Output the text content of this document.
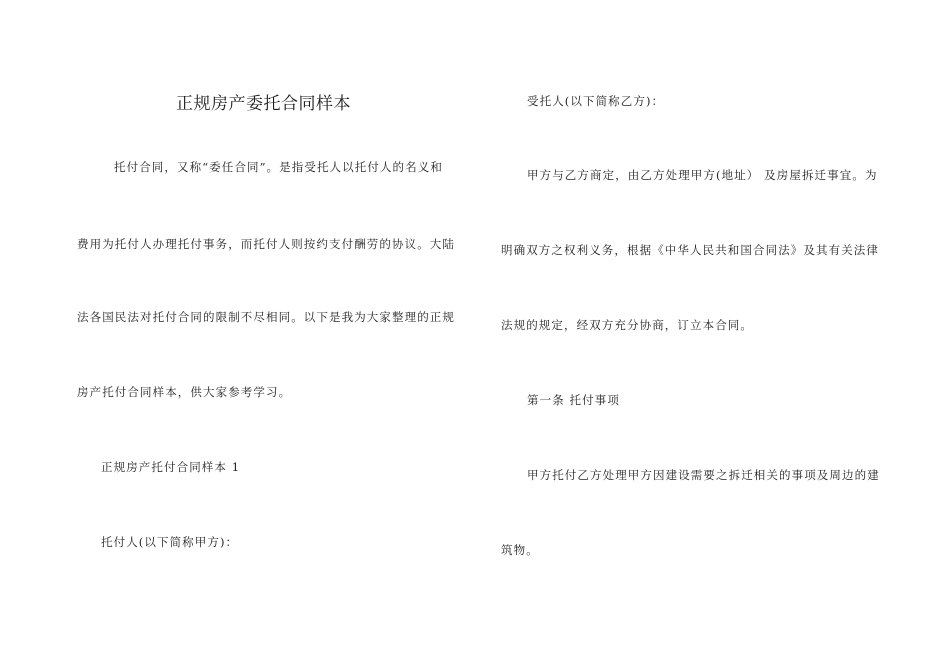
正规房产委托合同样本
托付合同，又称“委任合同”。是指受托人以托付人的名义和
费用为托付人办理托付事务，而托付人则按约支付酬劳的协议。大陆
法各国民法对托付合同的限制不尽相同。以下是我为大家整理的正规
房产托付合同样本，供大家参考学习。
正规房产托付合同样本 1
托付人(以下简称甲方)：
受托人(以下简称乙方)：
甲方与乙方商定，由乙方处理甲方(地址） 及房屋拆迁事宜。为
明确双方之权利义务，根据《中华人民共和国合同法》及其有关法律
法规的规定，经双方充分协商，订立本合同。
第一条 托付事项
甲方托付乙方处理甲方因建设需要之拆迁相关的事项及周边的建
筑物。
